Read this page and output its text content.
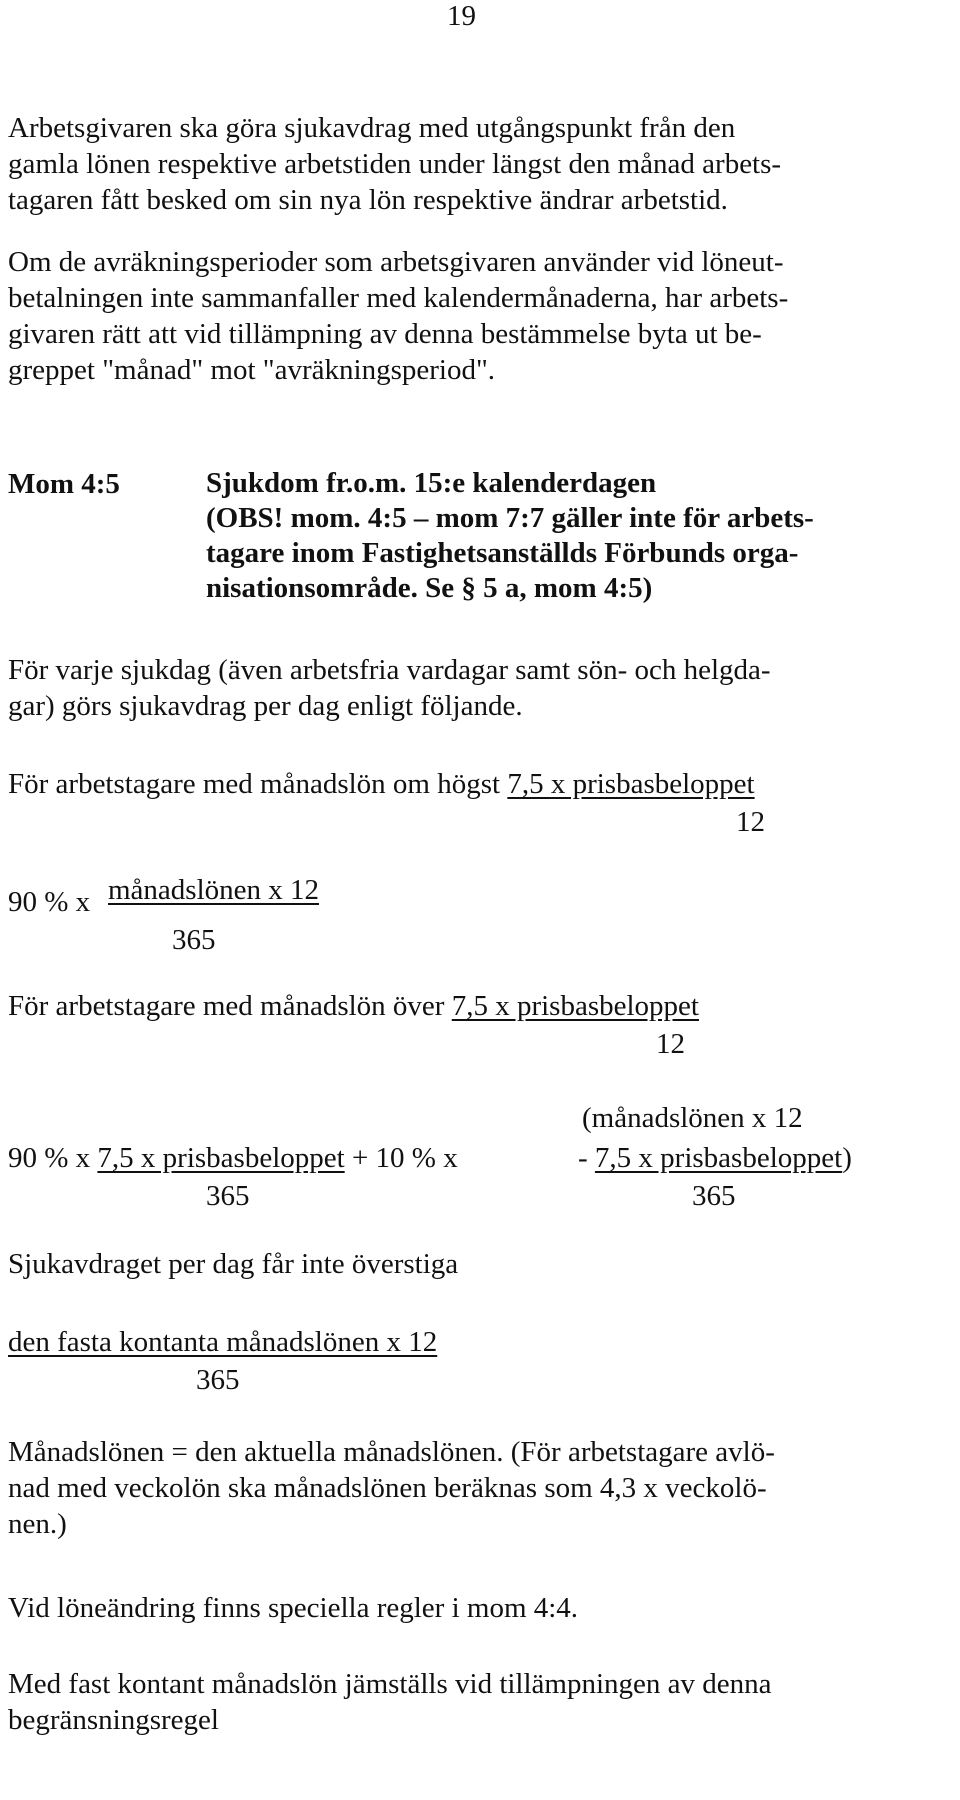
19
Arbetsgivaren ska göra sjukavdrag med utgångspunkt från den
gamla lönen respektive arbetstiden under längst den månad arbets-
tagaren fått besked om sin nya lön respektive ändrar arbetstid.
Om de avräkningsperioder som arbetsgivaren använder vid löneut-
betalningen inte sammanfaller med kalendermånaderna, har arbets-
givaren rätt att vid tillämpning av denna bestämmelse byta ut be-
greppet "månad" mot "avräkningsperiod".
Mom 4:5	Sjukdom fr.o.m. 15:e kalenderdagen
(OBS! mom. 4:5 – mom 7:7 gäller inte för arbets-
tagare inom Fastighetsanställds Förbunds orga-
nisationsområde. Se § 5 a, mom 4:5)
För varje sjukdag (även arbetsfria vardagar samt sön- och helgda-
gar) görs sjukavdrag per dag enligt följande.
För arbetstagare med månadslön om högst 7,5 x prisbasbeloppet
12
90 % x månadslönen x 12
365
För arbetstagare med månadslön över 7,5 x prisbasbeloppet
12
(månadslönen x 12
90 % x 7,5 x prisbasbeloppet + 10 % x	- 7,5 x prisbasbeloppet)
365	365
Sjukavdraget per dag får inte överstiga
den fasta kontanta månadslönen x 12
365
Månadslönen = den aktuella månadslönen. (För arbetstagare avlö-
nad med veckolön ska månadslönen beräknas som 4,3 x veckolö-
nen.)
Vid löneändring finns speciella regler i mom 4:4.
Med fast kontant månadslön jämställs vid tillämpningen av denna
begränsningsregel
